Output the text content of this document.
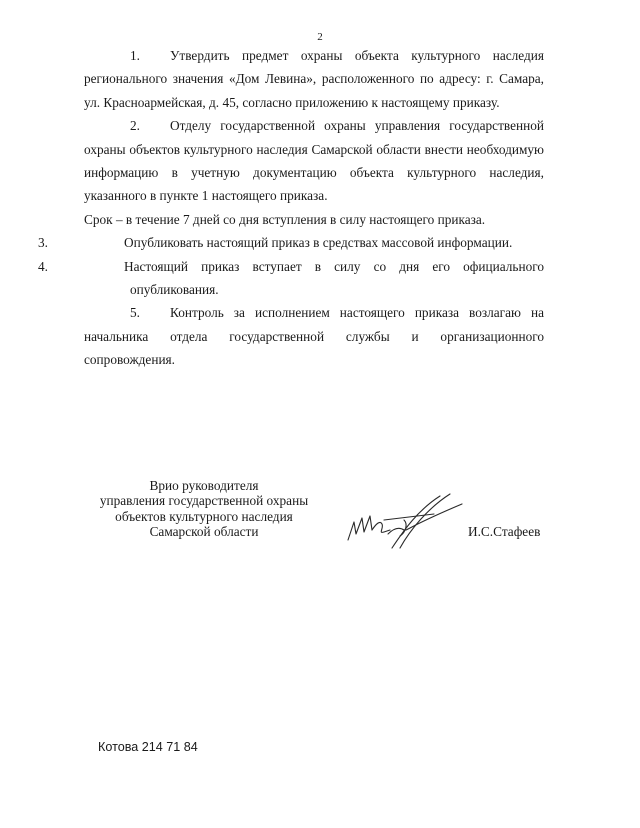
2

1. Утвердить предмет охраны объекта культурного наследия регионального значения «Дом Левина», расположенного по адресу: г. Самара, ул. Красноармейская, д. 45, согласно приложению к настоящему приказу.

2. Отделу государственной охраны управления государственной охраны объектов культурного наследия Самарской области внести необходимую информацию в учетную документацию объекта культурного наследия, указанного в пункте 1 настоящего приказа.

Срок – в течение 7 дней со дня вступления в силу настоящего приказа.

3.	Опубликовать настоящий приказ в средствах массовой информации.

4.	Настоящий приказ вступает в силу со дня его официального опубликования.

5. Контроль за исполнением настоящего приказа возлагаю на начальника отдела государственной службы и организационного сопровождения.

Врио руководителя
управления государственной охраны
объектов культурного наследия
Самарской области	И.С.Стафеев
Котова 214 71 84
